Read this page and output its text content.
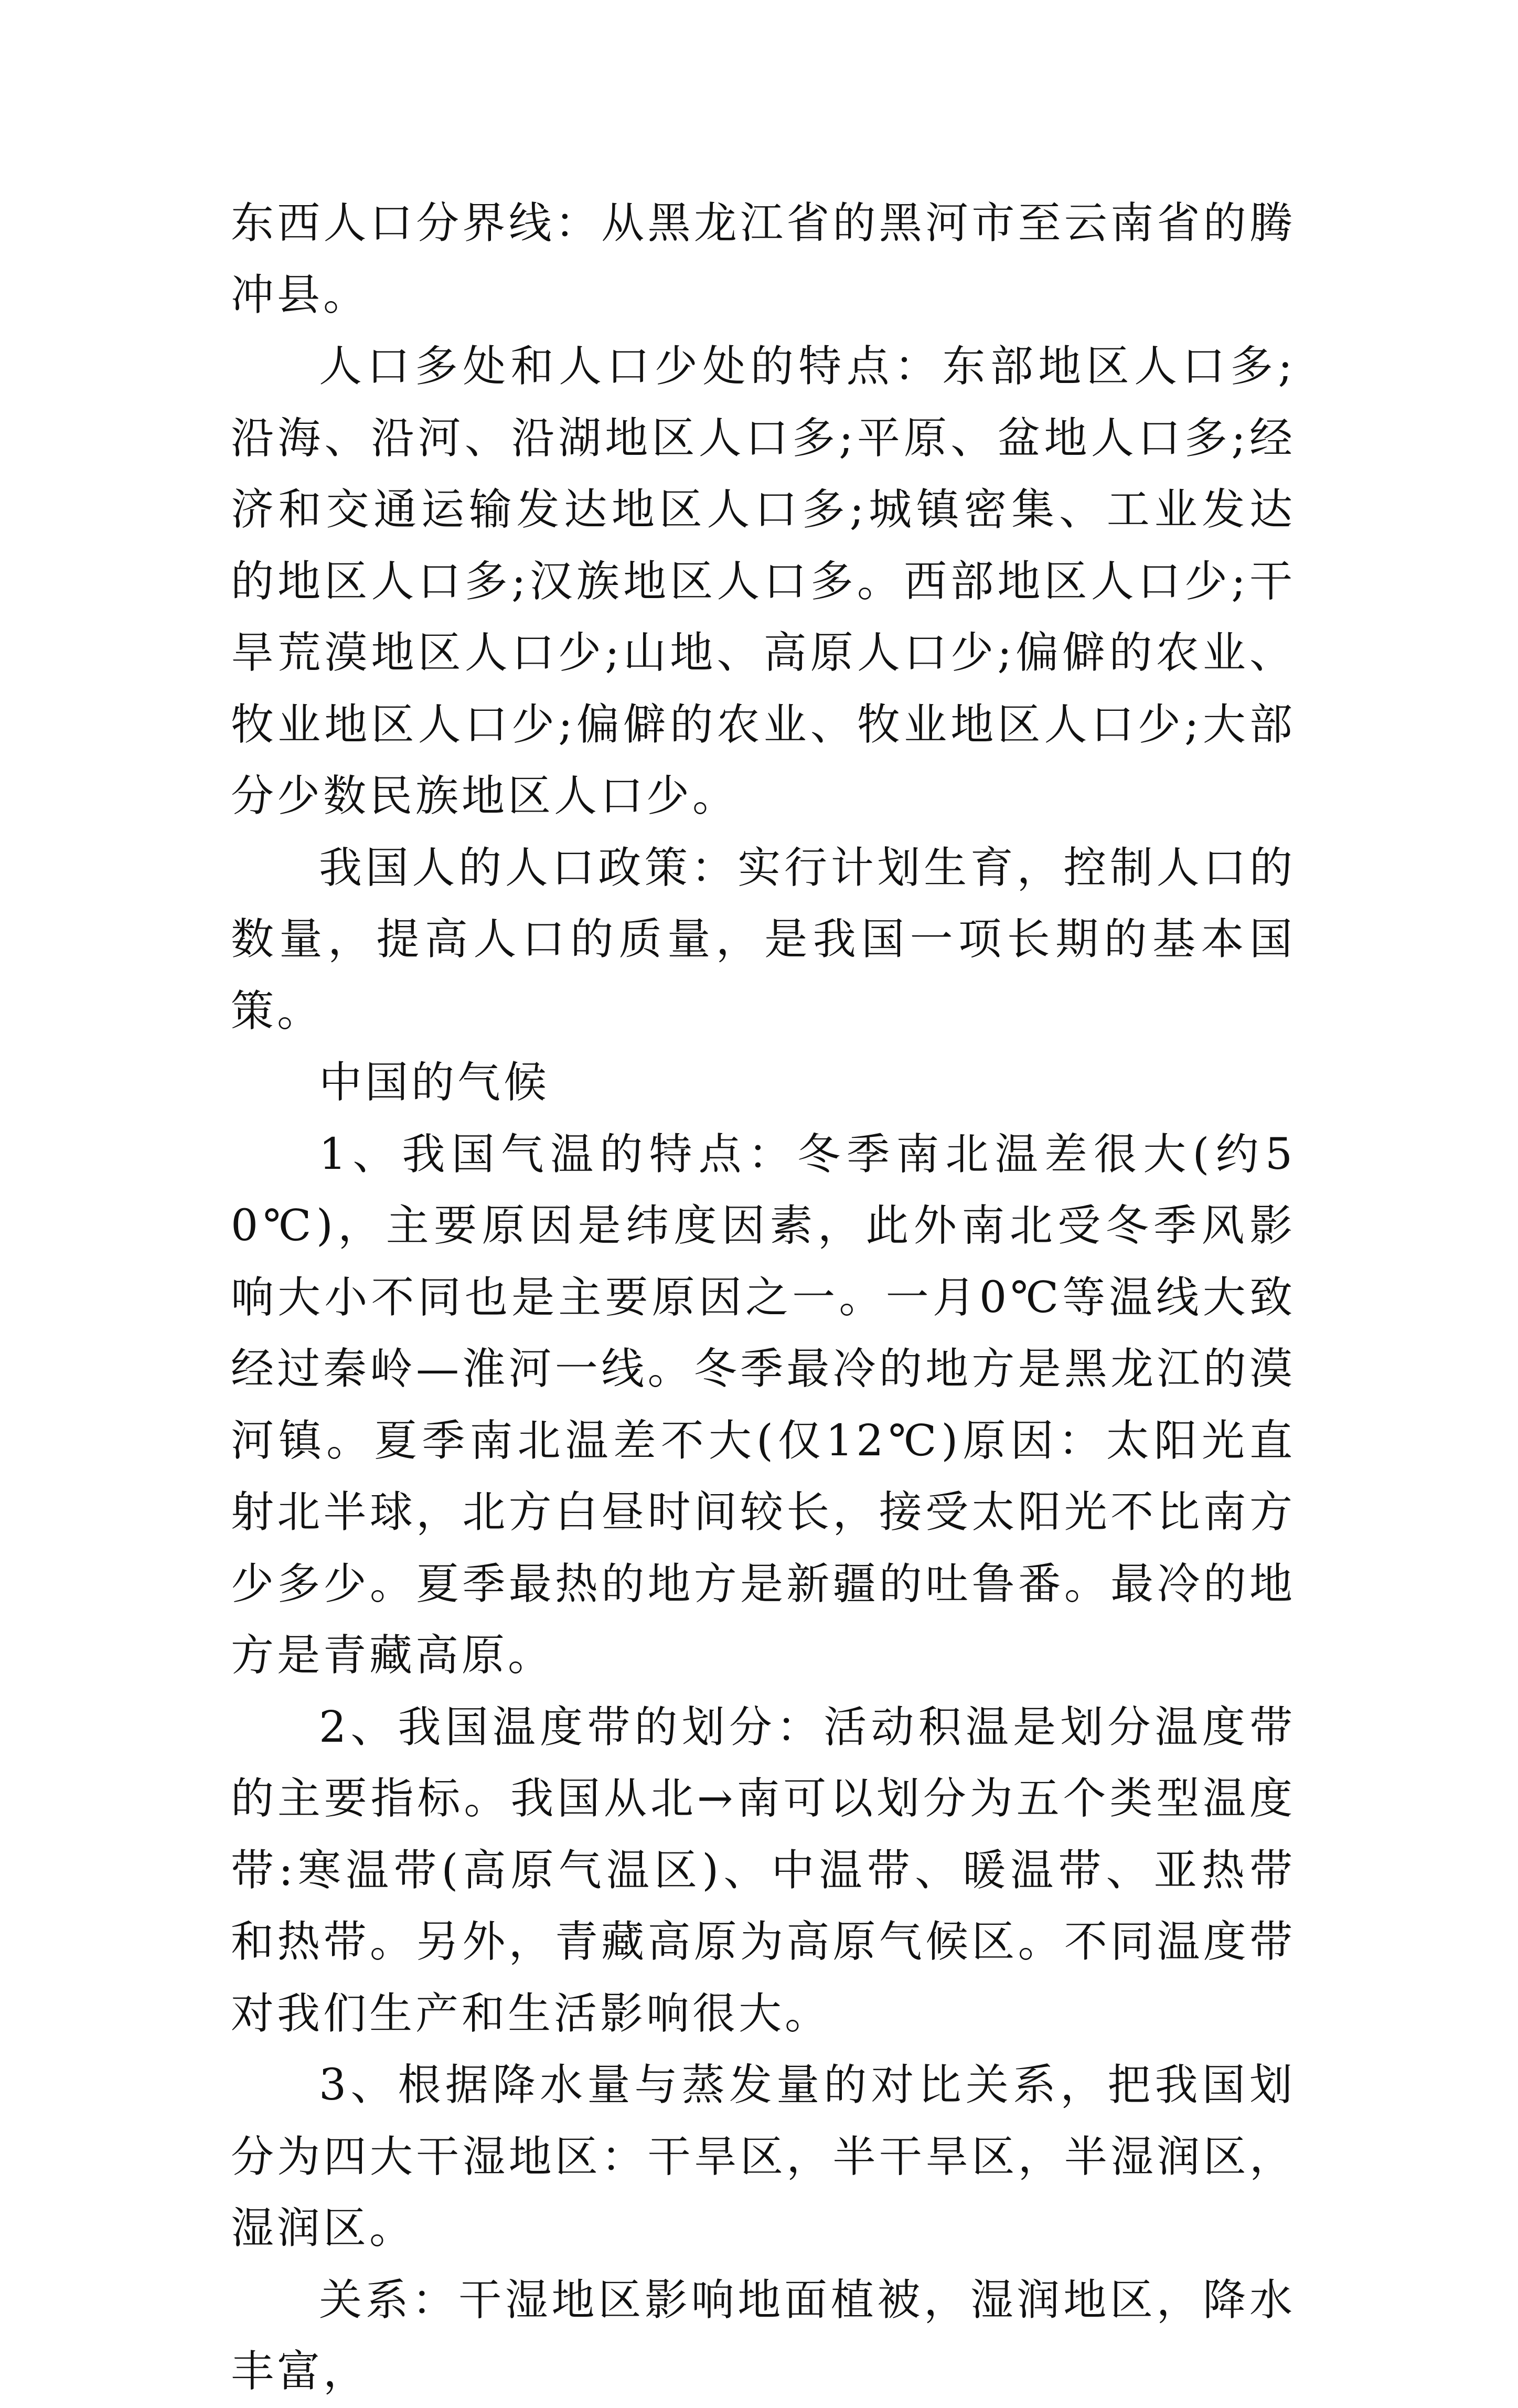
东西人口分界线：从黑龙江省的黑河市至云南省的腾冲县。

人口多处和人口少处的特点：东部地区人口多;沿海、沿河、沿湖地区人口多;平原、盆地人口多;经济和交通运输发达地区人口多;城镇密集、工业发达的地区人口多;汉族地区人口多。西部地区人口少;干旱荒漠地区人口少;山地、高原人口少;偏僻的农业、牧业地区人口少;偏僻的农业、牧业地区人口少;大部分少数民族地区人口少。

我国人的人口政策：实行计划生育，控制人口的数量，提高人口的质量，是我国一项长期的基本国策。

中国的气候

1、我国气温的特点：冬季南北温差很大(约50℃)，主要原因是纬度因素，此外南北受冬季风影响大小不同也是主要原因之一。一月0℃等温线大致经过秦岭—淮河一线。冬季最冷的地方是黑龙江的漠河镇。夏季南北温差不大(仅12℃)原因：太阳光直射北半球，北方白昼时间较长，接受太阳光不比南方少多少。夏季最热的地方是新疆的吐鲁番。最冷的地方是青藏高原。

2、我国温度带的划分：活动积温是划分温度带的主要指标。我国从北→南可以划分为五个类型温度带:寒温带(高原气温区)、中温带、暖温带、亚热带和热带。另外，青藏高原为高原气候区。不同温度带对我们生产和生活影响很大。

3、根据降水量与蒸发量的对比关系，把我国划分为四大干湿地区：干旱区，半干旱区，半湿润区，湿润区。

关系：干湿地区影响地面植被，湿润地区，降水丰富，
